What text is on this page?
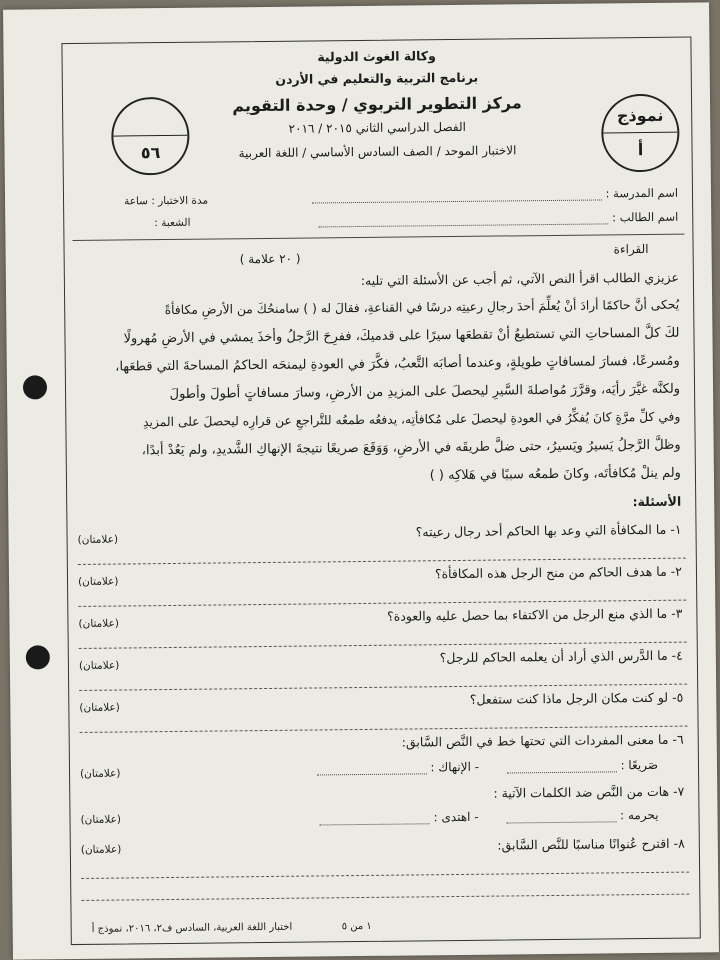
وكالة الغوث الدولية
برنامج التربية والتعليم في الأردن
مركز التطوير التربوي / وحدة التقويم
الفصل الدراسي الثاني ٢٠١٥ / ٢٠١٦
الاختبار الموحد / الصف السادس الأساسي / اللغة العربية
نموذج
أ
٥٦
اسم المدرسة :
اسم الطالب :
مدة الاختبار : ساعة
الشعبة :
القراءة
( ٢٠ علامة )
عزيزي الطالب اقرأ النص الآتي، ثم أجب عن الأسئلة التي تليه:
يُحكى أنَّ حاكمًا أرادَ أنْ يُعلِّمَ أحدَ رجالِ رعيتِه درسًا في القناعةِ، فقالَ له ( ) سامنحُكَ من الأرضِ مكافأةً
لكَ كلَّ المساحاتِ التي تستطيعُ أنْ تقطعَها سيرًا على قدميكَ، ففرِحَ الرَّجلُ وأخذَ يمشي في الأرضِ مُهرولًا
ومُسرعًا، فسارَ لمسافاتٍ طويلةٍ، وعندما أصابَه التَّعبُ، فكَّرَ في العودةِ ليمنحَه الحاكمُ المساحةَ التي قطعَها،
ولكنَّه غيَّرَ رأيَه، وقرَّرَ مُواصلةَ السَّيرِ ليحصلَ على المزيدِ من الأرضِ، وسارَ مسافاتٍ أطولَ وأطولَ
وفي كلِّ مرَّةٍ كانَ يُفكِّرُ في العودةِ ليحصلَ على مُكافأتِه، يدفعُه طمعُه للتَّراجعِ عن قرارِه ليحصلَ على المزيدِ
وظلَّ الرَّجلُ يَسيرُ ويَسيرُ، حتى ضلَّ طريقَه في الأرضِ، وَوَقَعَ صريعًا نتيجةَ الإنهاكِ الشَّديدِ، ولم يَعُدْ أبدًا،
ولم ينلْ مُكافأتَه، وكانَ طمعُه سببًا في هَلاكِه ( )
الأسئلة:
١- ما المكافأة التي وعد بها الحاكم أحد رجال رعيته؟
(علامتان)
٢- ما هدف الحاكم من منح الرجل هذه المكافأة؟
(علامتان)
٣- ما الذي منع الرجل من الاكتفاء بما حصل عليه والعودة؟
(علامتان)
٤- ما الدَّرس الذي أراد أن يعلمه الحاكم للرجل؟
(علامتان)
٥- لو كنت مكان الرجل ماذا كنت ستفعل؟
(علامتان)
٦- ما معنى المفردات التي تحتها خط في النَّص السَّابق:
(علامتان)
صَريعًا :   - الإنهاك :
٧- هات من النَّص ضد الكلمات الآتية :
(علامتان)	يحرمه :   - اهتدى :
٨- اقترح عُنوانًا مناسبًا للنَّص السَّابق:
(علامتان)
١ من ٥
اختبار اللغة العربية، السادس ف٢، ٢٠١٦، نموذج أ
